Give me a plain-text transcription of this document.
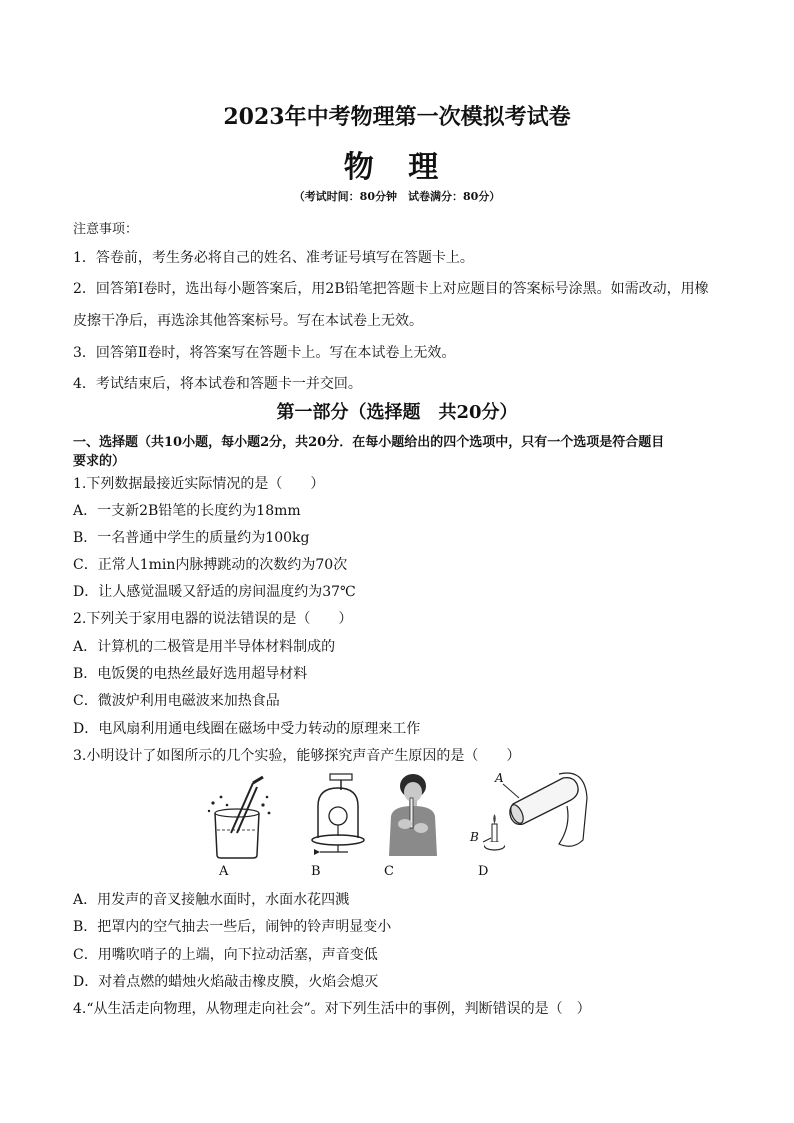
2023年中考物理第一次模拟考试卷
物 理
（考试时间：80分钟　试卷满分：80分）
注意事项：
1．答卷前，考生务必将自己的姓名、准考证号填写在答题卡上。
2．回答第Ⅰ卷时，选出每小题答案后，用2B铅笔把答题卡上对应题目的答案标号涂黑。如需改动，用橡
皮擦干净后，再选涂其他答案标号。写在本试卷上无效。
3．回答第Ⅱ卷时，将答案写在答题卡上。写在本试卷上无效。
4．考试结束后，将本试卷和答题卡一并交回。
第一部分（选择题　共20分）
一、选择题（共10小题，每小题2分，共20分．在每小题给出的四个选项中，只有一个选项是符合题目
要求的）
1.下列数据最接近实际情况的是（　　）
A．一支新2B铅笔的长度约为18mm
B．一名普通中学生的质量约为100kg
C．正常人1min内脉搏跳动的次数约为70次
D．让人感觉温暖又舒适的房间温度约为37℃
2.下列关于家用电器的说法错误的是（　　）
A．计算机的二极管是用半导体材料制成的
B．电饭煲的电热丝最好选用超导材料
C．微波炉利用电磁波来加热食品
D．电风扇利用通电线圈在磁场中受力转动的原理来工作
3.小明设计了如图所示的几个实验，能够探究声音产生原因的是（　　）
A	B	C
A
B
D
A．用发声的音叉接触水面时，水面水花四溅
B．把罩内的空气抽去一些后，闹钟的铃声明显变小
C．用嘴吹哨子的上端，向下拉动活塞，声音变低
D．对着点燃的蜡烛火焰敲击橡皮膜，火焰会熄灭
4.“从生活走向物理，从物理走向社会”。对下列生活中的事例，判断错误的是（　）
